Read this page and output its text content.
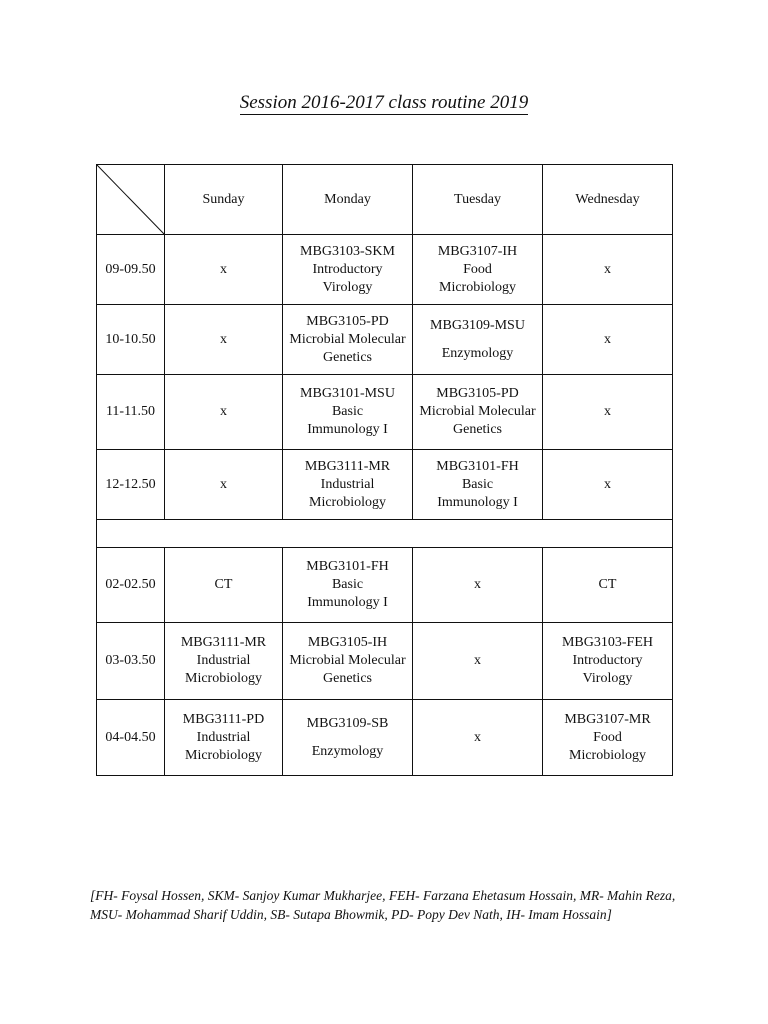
Session 2016-2017 class routine 2019
	Sunday	Monday	Tuesday	Wednesday
09-09.50	x	MBG3103-SKM
Introductory
Virology	MBG3107-IH
Food
Microbiology	x

10-10.50	x	MBG3105-PD
Microbial Molecular
Genetics	MBG3109-MSU
Enzymology	x

11-11.50	x	MBG3101-MSU
Basic
Immunology I	MBG3105-PD
Microbial Molecular
Genetics	x

12-12.50	x	MBG3111-MR
Industrial
Microbiology	MBG3101-FH
Basic
Immunology I	x

02-02.50	CT	MBG3101-FH
Basic
Immunology I	x	CT

03-03.50	MBG3111-MR
Industrial
Microbiology	MBG3105-IH
Microbial Molecular
Genetics	x	MBG3103-FEH
Introductory
Virology

04-04.50	MBG3111-PD
Industrial
Microbiology	MBG3109-SB
Enzymology	x	MBG3107-MR
Food
Microbiology
[FH- Foysal Hossen, SKM- Sanjoy Kumar Mukharjee, FEH- Farzana Ehetasum Hossain, MR- Mahin Reza, MSU- Mohammad Sharif Uddin, SB- Sutapa Bhowmik, PD- Popy Dev Nath, IH- Imam Hossain]
